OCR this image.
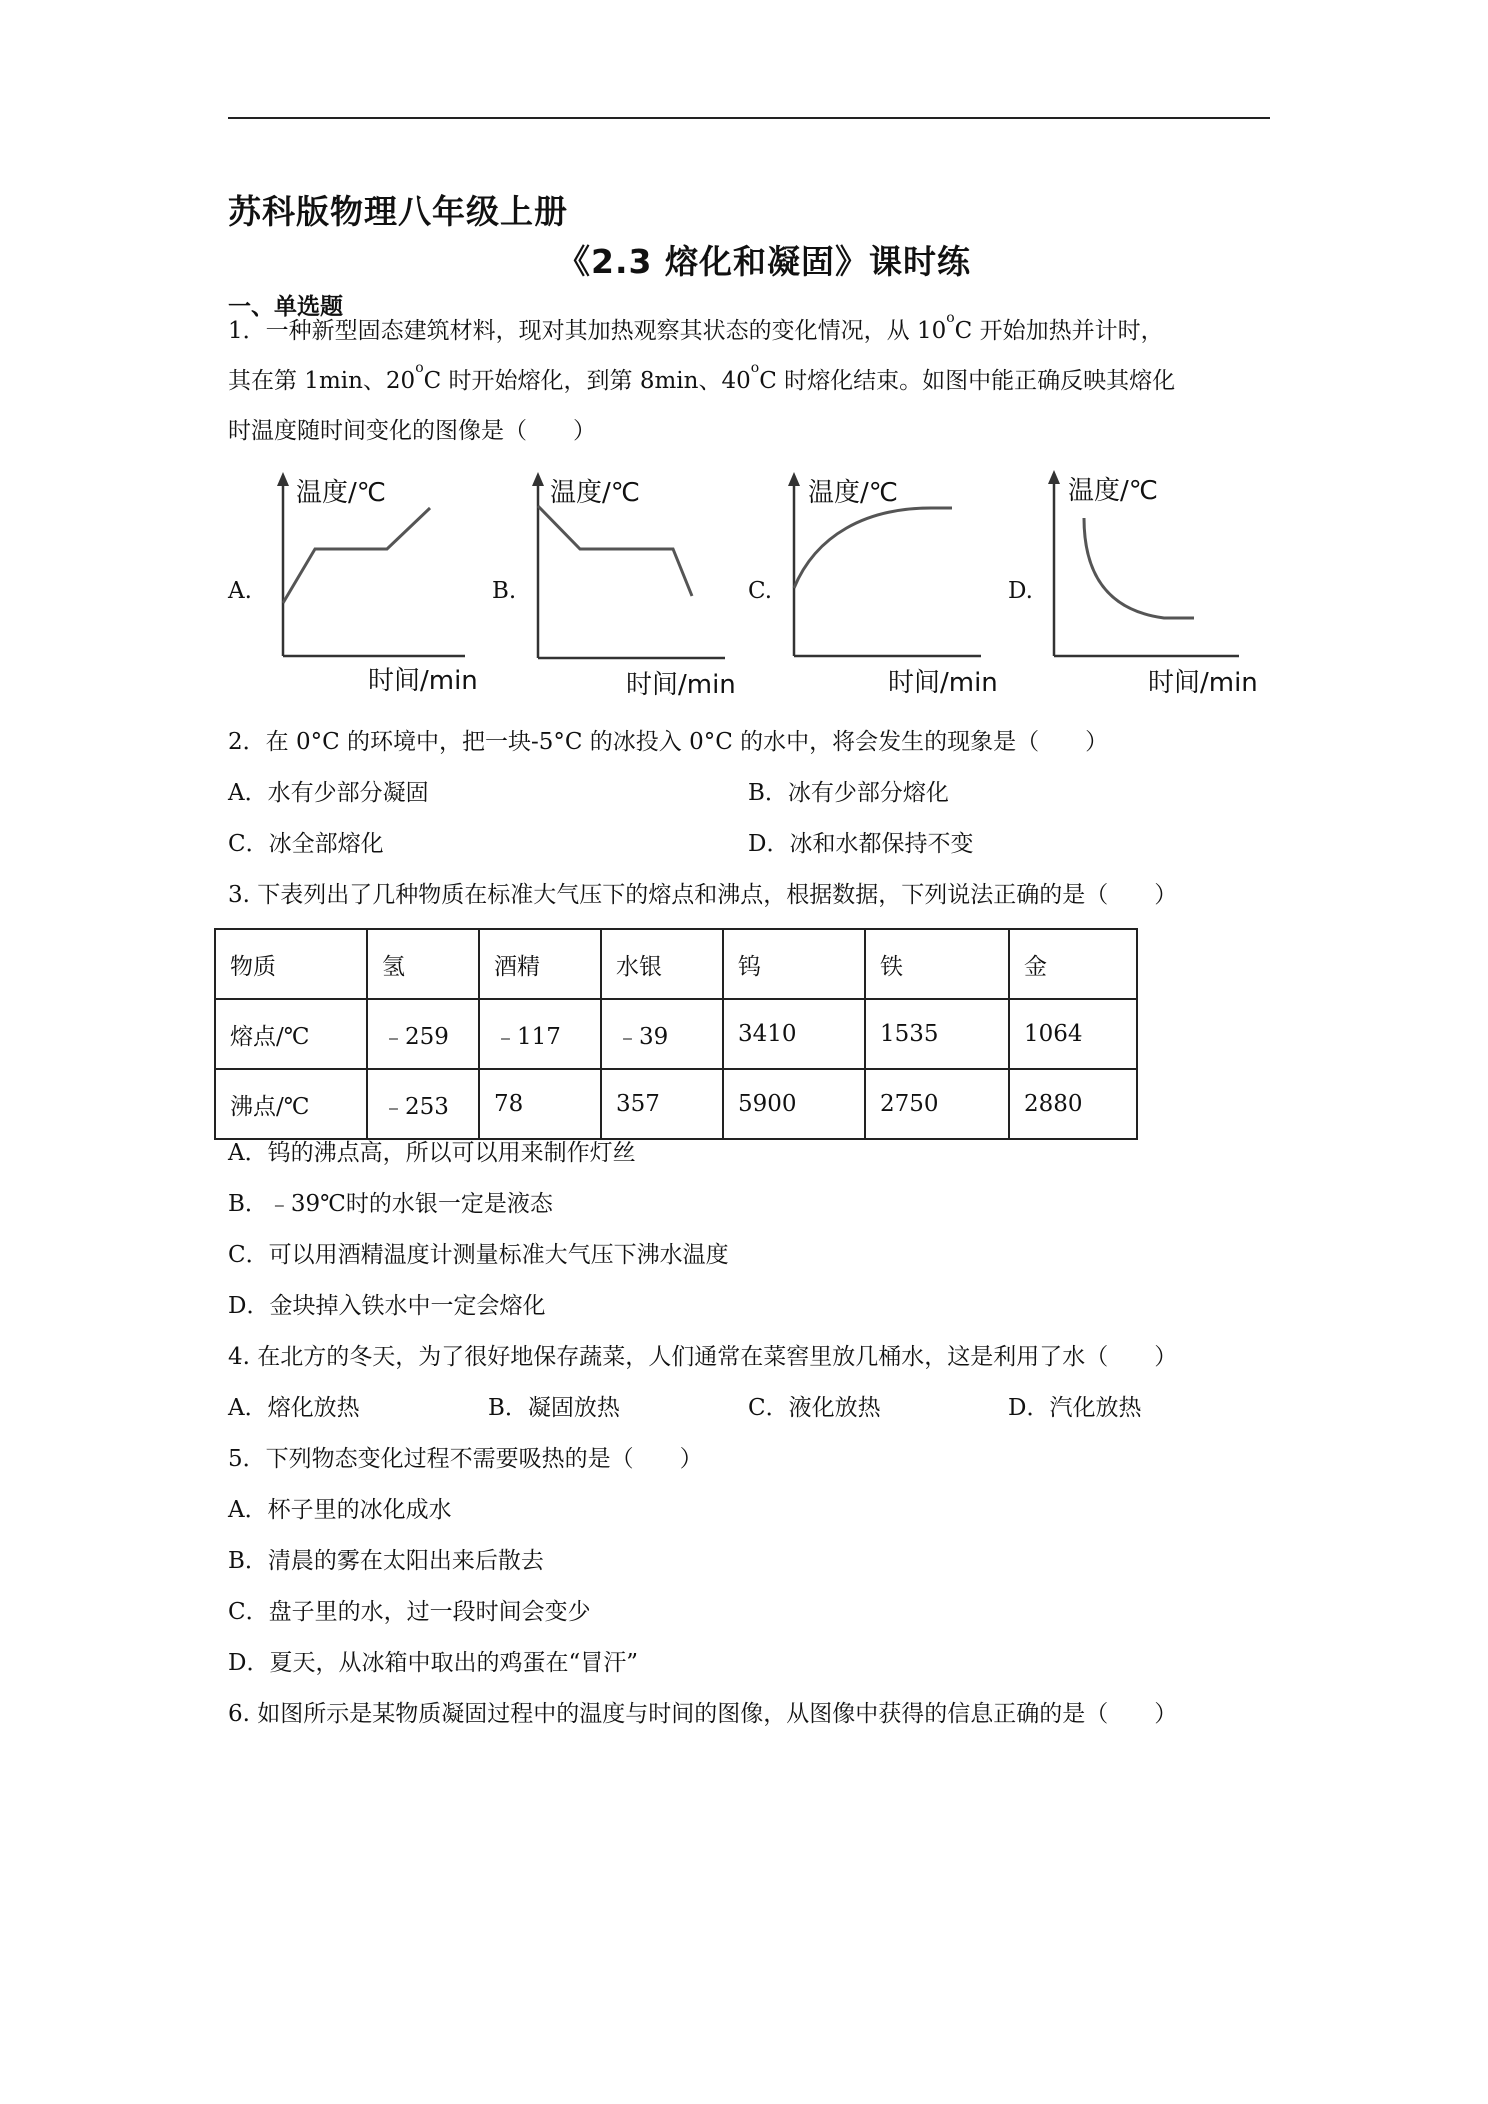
苏科版物理八年级上册
《2.3 熔化和凝固》课时练
一、单选题
1．一种新型固态建筑材料，现对其加热观察其状态的变化情况，从 10$^o$C 开始加热并计时，
其在第 1min、20$^o$C 时开始熔化，到第 8min、40$^o$C 时熔化结束。如图中能正确反映其熔化
时温度随时间变化的图像是（　　）
A.
温度/℃
时间/min
B.
温度/℃
时间/min
C.
温度/℃
时间/min
D.
温度/℃
时间/min
2．在 0°C 的环境中，把一块-5°C 的冰投入 0°C 的水中，将会发生的现象是（　　）
A．水有少部分凝固	B．冰有少部分熔化
C．冰全部熔化	D．冰和水都保持不变
3. 下表列出了几种物质在标准大气压下的熔点和沸点，根据数据，下列说法正确的是（　　）
物质	氢	酒精	水银	钨	铁	金
熔点/℃	﹣259	﹣117	﹣39	3410	1535	1064
沸点/℃	﹣253	78	357	5900	2750	2880
A．钨的沸点高，所以可以用来制作灯丝
B．﹣39℃时的水银一定是液态
C．可以用酒精温度计测量标准大气压下沸水温度
D．金块掉入铁水中一定会熔化
4. 在北方的冬天，为了很好地保存蔬菜，人们通常在菜窖里放几桶水，这是利用了水（　　）
A．熔化放热	B．凝固放热	C．液化放热	D．汽化放热
5．下列物态变化过程不需要吸热的是（　　）
A．杯子里的冰化成水
B．清晨的雾在太阳出来后散去
C．盘子里的水，过一段时间会变少
D．夏天，从冰箱中取出的鸡蛋在“冒汗”
6. 如图所示是某物质凝固过程中的温度与时间的图像，从图像中获得的信息正确的是（　　）
